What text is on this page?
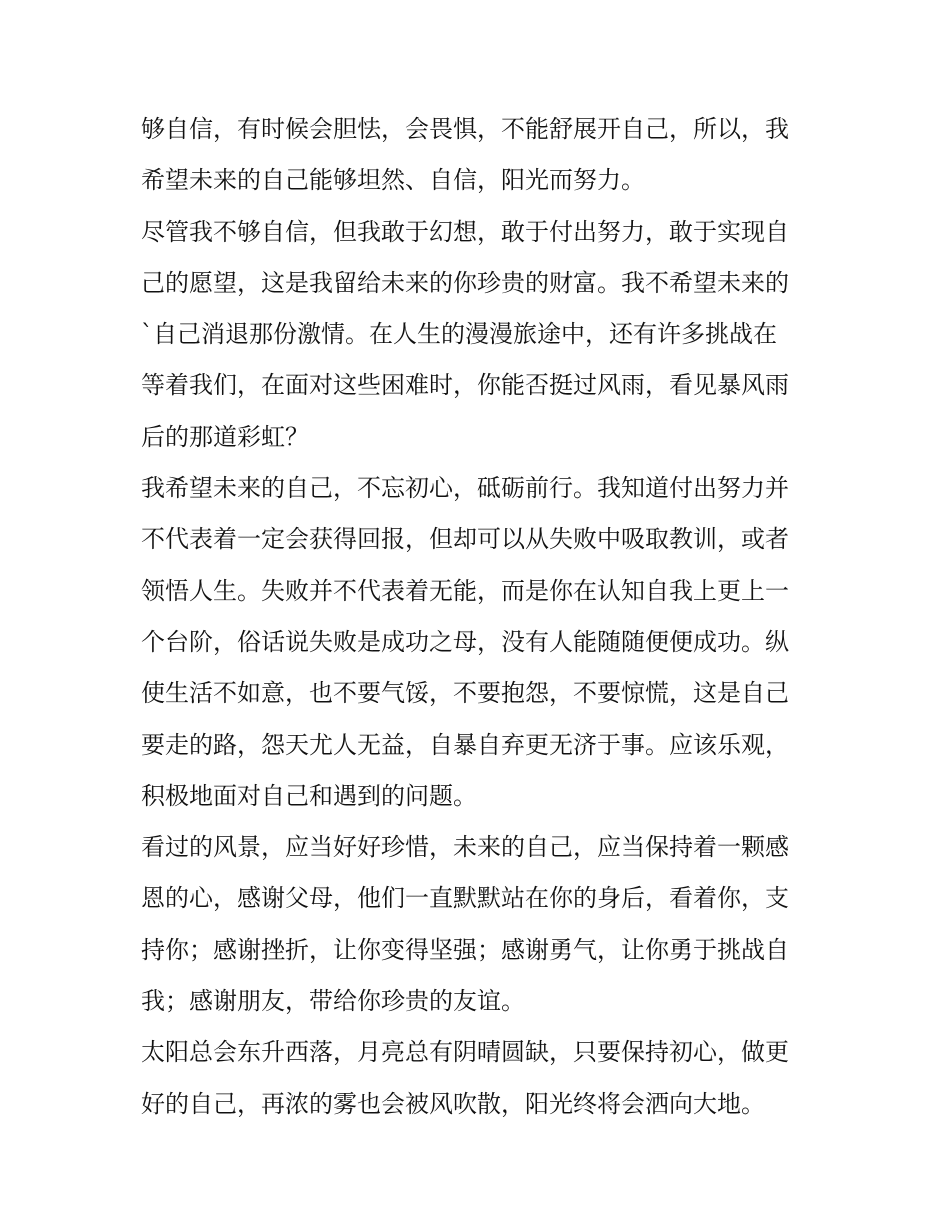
够自信，有时候会胆怯，会畏惧，不能舒展开自己，所以，我
希望未来的自己能够坦然、自信，阳光而努力。
尽管我不够自信，但我敢于幻想，敢于付出努力，敢于实现自
己的愿望，这是我留给未来的你珍贵的财富。我不希望未来的
`自己消退那份激情。在人生的漫漫旅途中，还有许多挑战在
等着我们，在面对这些困难时，你能否挺过风雨，看见暴风雨
后的那道彩虹？
我希望未来的自己，不忘初心，砥砺前行。我知道付出努力并
不代表着一定会获得回报，但却可以从失败中吸取教训，或者
领悟人生。失败并不代表着无能，而是你在认知自我上更上一
个台阶，俗话说失败是成功之母，没有人能随随便便成功。纵
使生活不如意，也不要气馁，不要抱怨，不要惊慌，这是自己
要走的路，怨天尤人无益，自暴自弃更无济于事。应该乐观，
积极地面对自己和遇到的问题。
看过的风景，应当好好珍惜，未来的自己，应当保持着一颗感
恩的心，感谢父母，他们一直默默站在你的身后，看着你，支
持你；感谢挫折，让你变得坚强；感谢勇气，让你勇于挑战自
我；感谢朋友，带给你珍贵的友谊。
太阳总会东升西落，月亮总有阴晴圆缺，只要保持初心，做更
好的自己，再浓的雾也会被风吹散，阳光终将会洒向大地。
